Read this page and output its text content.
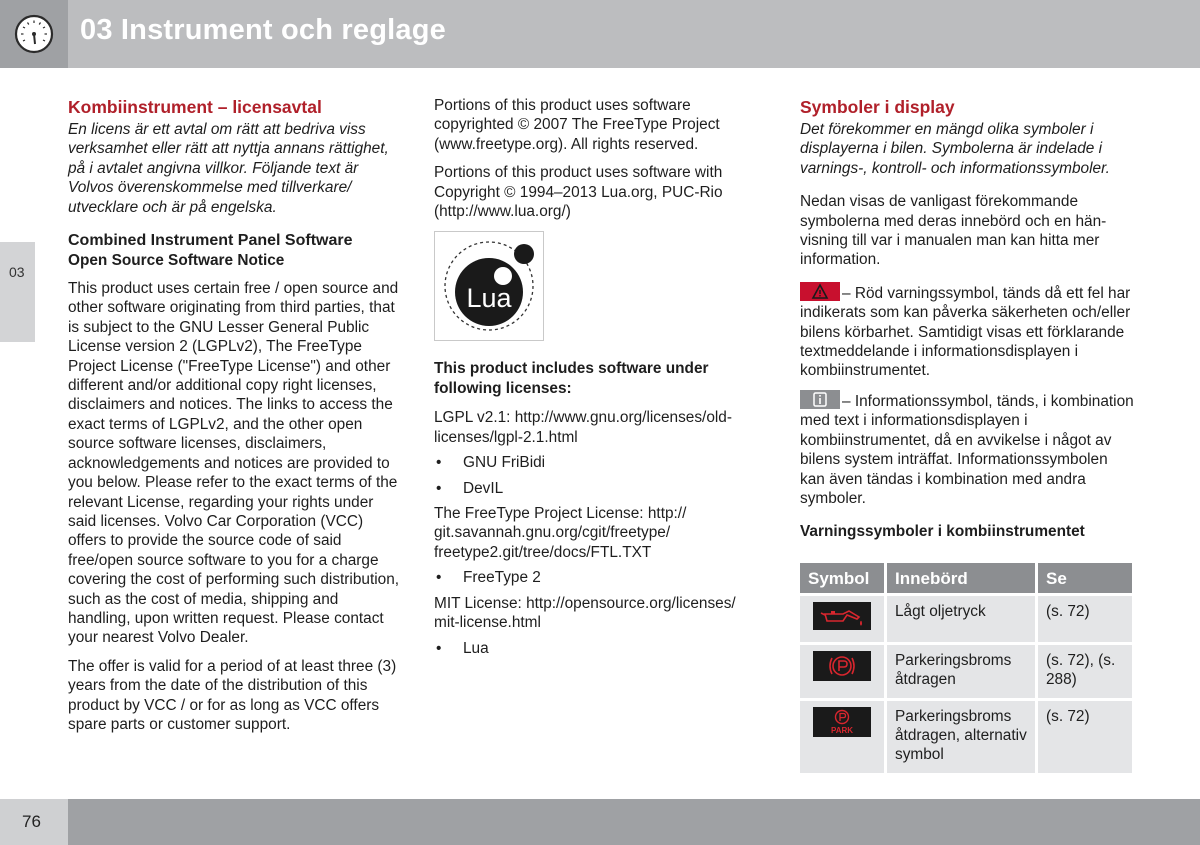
03 Instrument och reglage
03
Kombiinstrument – licensavtal

En licens är ett avtal om rätt att bedriva viss verksamhet eller rätt att nyttja annans rättighet, på i avtalet angivna villkor. Följande text är Volvos överenskommelse med tillverkare/ utvecklare och är på engelska.

Combined Instrument Panel Software
Open Source Software Notice

This product uses certain free / open source and other software originating from third parties, that is subject to the GNU Lesser General Public License version 2 (LGPLv2), The FreeType Project License ("FreeType License") and other different and/or additional copy right licenses, disclaimers and notices. The links to access the exact terms of LGPLv2, and the other open source software licenses, disclaimers, acknowledgements and notices are provided to you below. Please refer to the exact terms of the relevant License, regarding your rights under said licenses. Volvo Car Corporation (VCC) offers to provide the source code of said free/open source software to you for a charge covering the cost of performing such distribution, such as the cost of media, shipping and handling, upon written request. Please contact your nearest Volvo Dealer.

The offer is valid for a period of at least three (3) years from the date of the distribution of this product by VCC / or for as long as VCC offers spare parts or customer support.

Portions of this product uses software copyrighted © 2007 The FreeType Project (www.freetype.org). All rights reserved.

Portions of this product uses software with Copyright © 1994–2013 Lua.org, PUC-Rio (http://www.lua.org/)

Lua
This product includes software under following licenses:

LGPL v2.1: http://www.gnu.org/licenses/old-licenses/lgpl-2.1.html

• GNU FriBidi
• DevIL

The FreeType Project License: http:// git.savannah.gnu.org/cgit/freetype/ freetype2.git/tree/docs/FTL.TXT

• FreeType 2

MIT License: http://opensource.org/licenses/ mit-license.html

• Lua
Symboler i display

Det förekommer en mängd olika symboler i displayerna i bilen. Symbolerna är indelade i varnings-, kontroll- och informationssymboler.

Nedan visas de vanligast förekommande symbolerna med deras innebörd och en hänvisning till var i manualen man kan hitta mer information.

– Röd varningssymbol, tänds då ett fel har indikerats som kan påverka säkerheten och/eller bilens körbarhet. Samtidigt visas ett förklarande textmeddelande i informationsdisplayen i kombiinstrumentet.

– Informationssymbol, tänds, i kombination med text i informationsdisplayen i kombiinstrumentet, då en avvikelse i något av bilens system inträffat. Informationssymbolen kan även tändas i kombination med andra symboler.

Varningssymboler i kombiinstrumentet
Symbol	Innebörd	Se
	Lågt oljetryck	(s. 72)
	Parkeringsbroms åtdragen	(s. 72), (s. 288)

PARK	Parkeringsbroms åtdragen, alternativ symbol	(s. 72)
76
